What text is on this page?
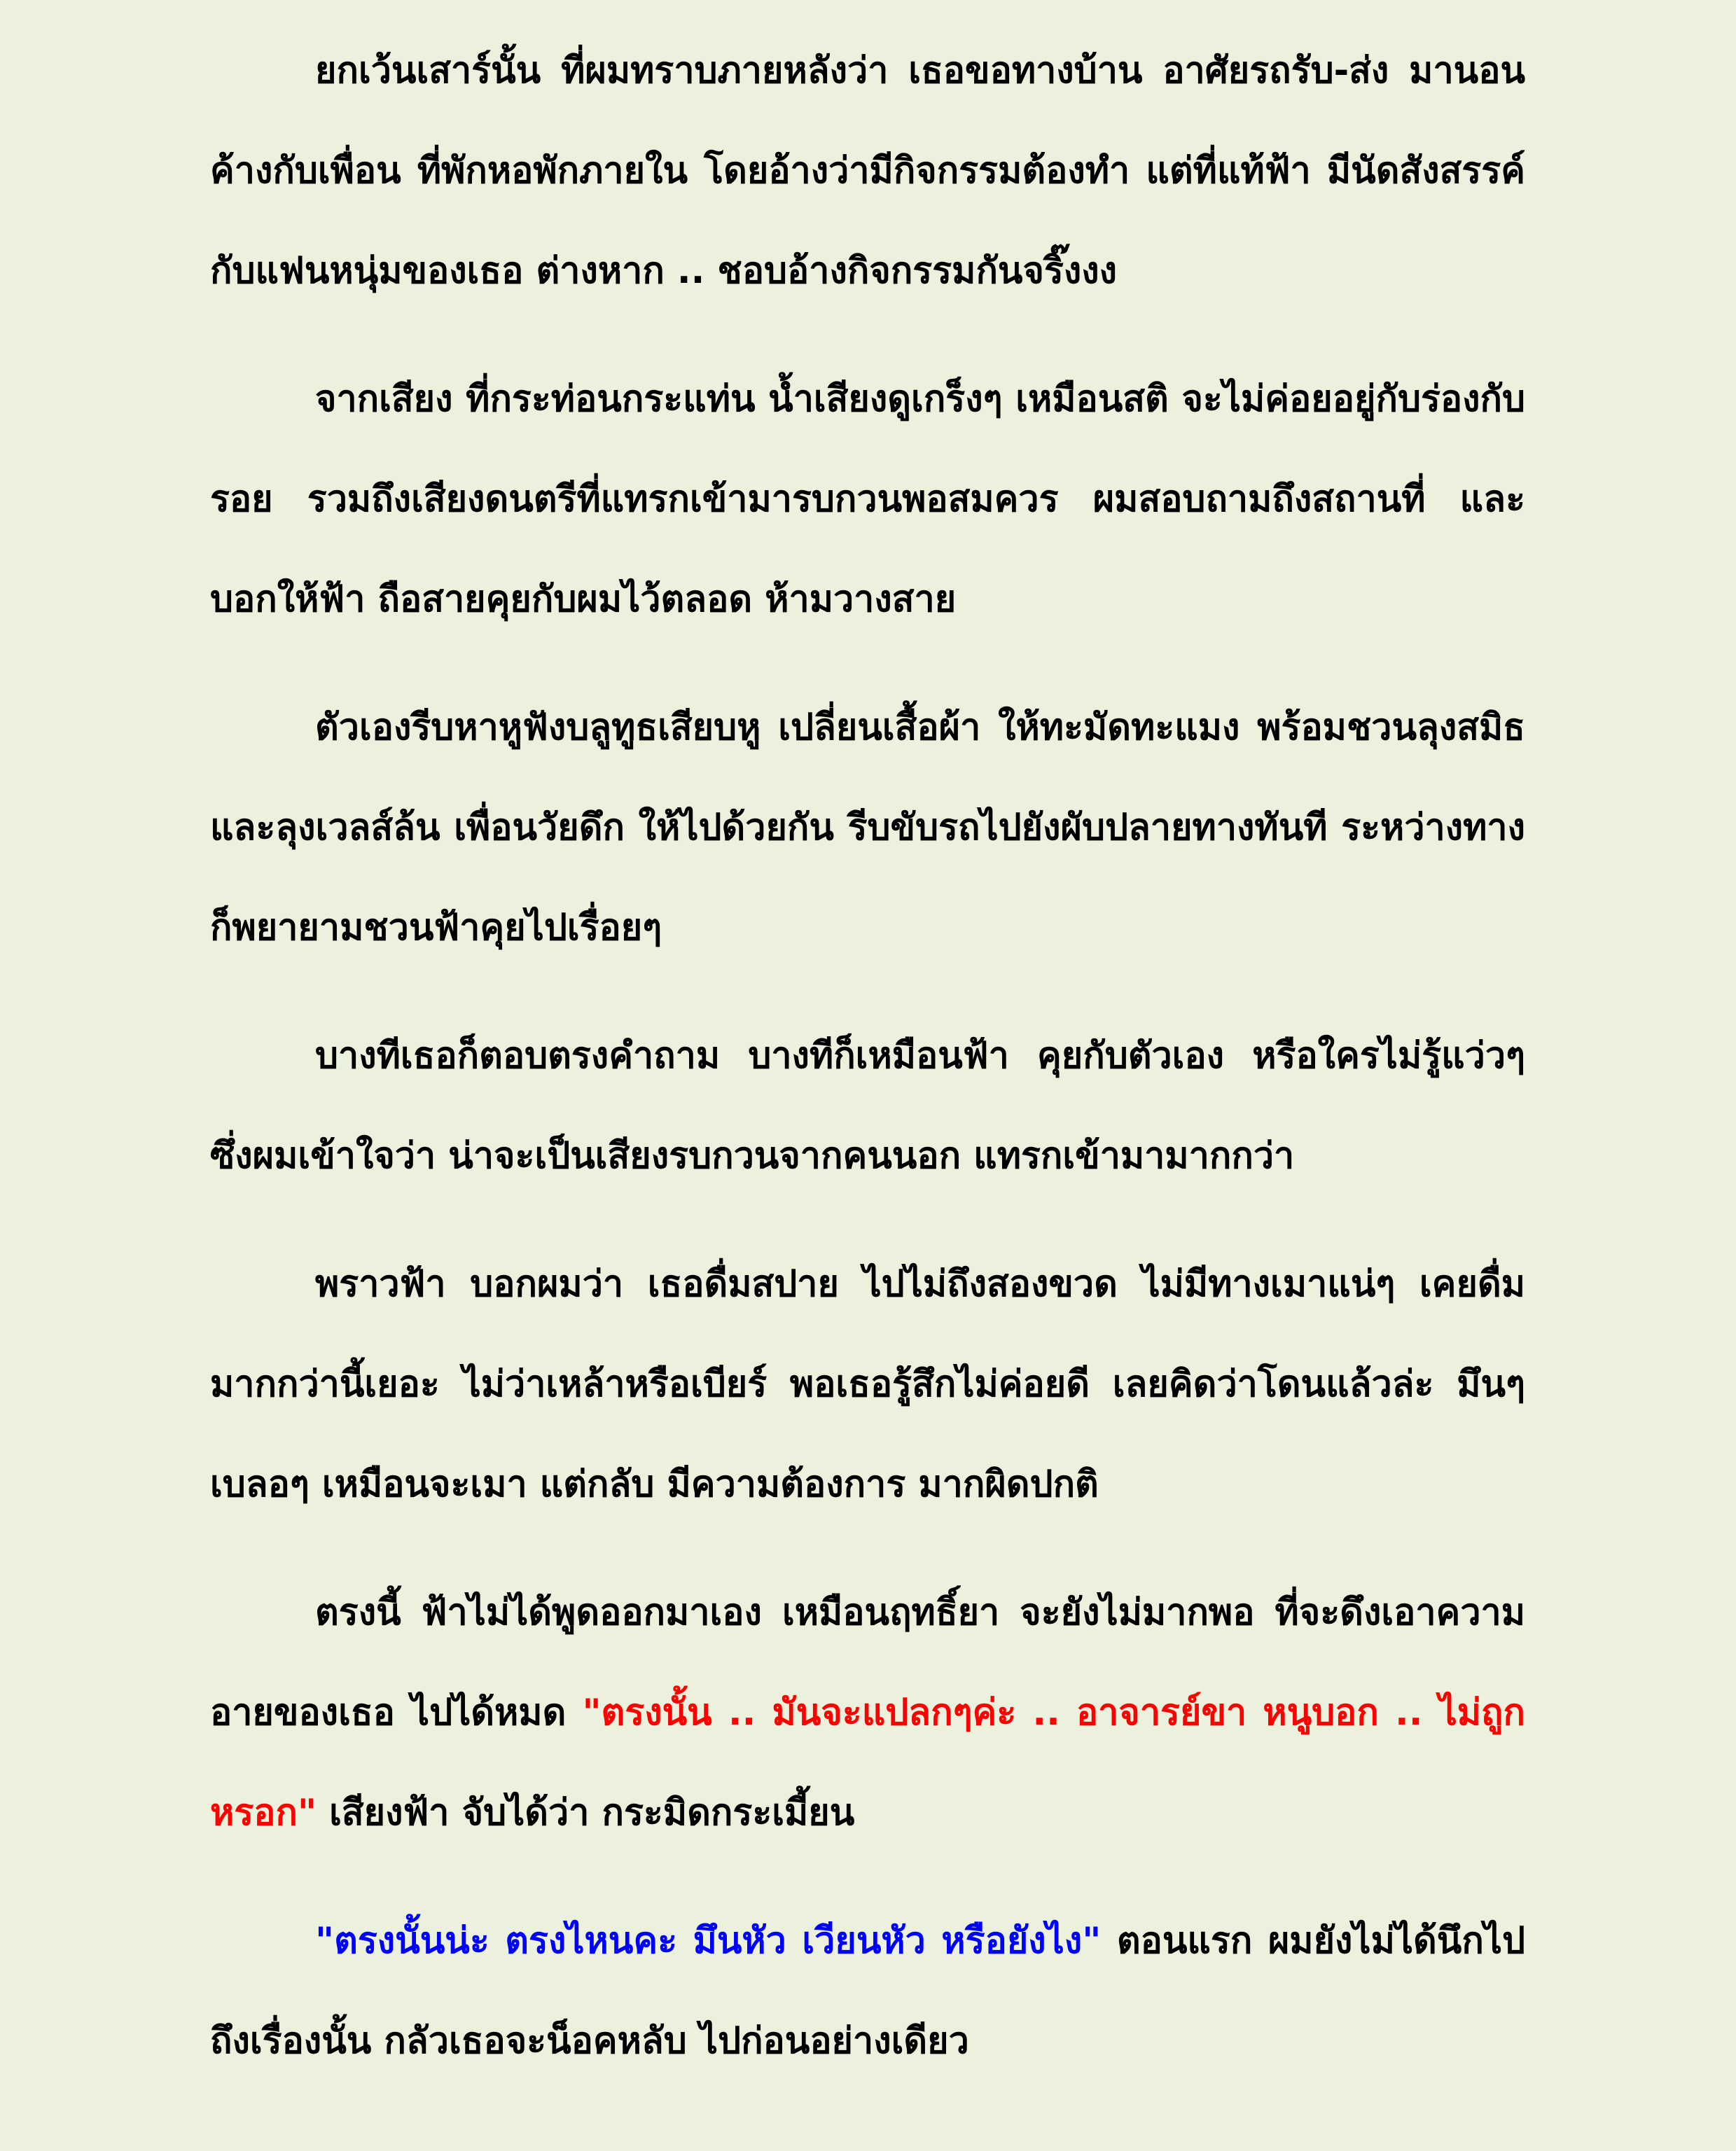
ยกเว้นเสาร์นั้น ที่ผมทราบภายหลังว่า เธอขอทางบ้าน อาศัยรถรับ-ส่ง มานอนค้างกับเพื่อน ที่พักหอพักภายใน โดยอ้างว่ามีกิจกรรมต้องทำ แต่ที่แท้ฟ้า มีนัดสังสรรค์ กับแฟนหนุ่มของเธอ ต่างหาก .. ชอบอ้างกิจกรรมกันจริ๊งงง

จากเสียง ที่กระท่อนกระแท่น น้ำเสียงดูเกร็งๆ เหมือนสติ จะไม่ค่อยอยู่กับร่องกับรอย รวมถึงเสียงดนตรีที่แทรกเข้ามารบกวนพอสมควร ผมสอบถามถึงสถานที่ และบอกให้ฟ้า ถือสายคุยกับผมไว้ตลอด ห้ามวางสาย

ตัวเองรีบหาหูฟังบลูทูธเสียบหู เปลี่ยนเสื้อผ้า ให้ทะมัดทะแมง พร้อมชวนลุงสมิธและลุงเวลส์ล้น เพื่อนวัยดึก ให้ไปด้วยกัน รีบขับรถไปยังผับปลายทางทันที ระหว่างทาง ก็พยายามชวนฟ้าคุยไปเรื่อยๆ

บางทีเธอก็ตอบตรงคำถาม บางทีก็เหมือนฟ้า คุยกับตัวเอง หรือใครไม่รู้แว่วๆ ซึ่งผมเข้าใจว่า น่าจะเป็นเสียงรบกวนจากคนนอก แทรกเข้ามามากกว่า

พราวฟ้า บอกผมว่า เธอดื่มสปาย ไปไม่ถึงสองขวด ไม่มีทางเมาแน่ๆ เคยดื่ม มากกว่านี้เยอะ ไม่ว่าเหล้าหรือเบียร์ พอเธอรู้สึกไม่ค่อยดี เลยคิดว่าโดนแล้วล่ะ มึนๆ เบลอๆ เหมือนจะเมา แต่กลับ มีความต้องการ มากผิดปกติ

ตรงนี้ ฟ้าไม่ได้พูดออกมาเอง เหมือนฤทธิ์ยา จะยังไม่มากพอ ที่จะดึงเอาความอายของเธอ ไปได้หมด "ตรงนั้น .. มันจะแปลกๆค่ะ .. อาจารย์ขา หนูบอก .. ไม่ถูกหรอก" เสียงฟ้า จับได้ว่า กระมิดกระเมี้ยน

"ตรงนั้นน่ะ ตรงไหนคะ มึนหัว เวียนหัว หรือยังไง" ตอนแรก ผมยังไม่ได้นึกไปถึงเรื่องนั้น กลัวเธอจะน็อคหลับ ไปก่อนอย่างเดียว
